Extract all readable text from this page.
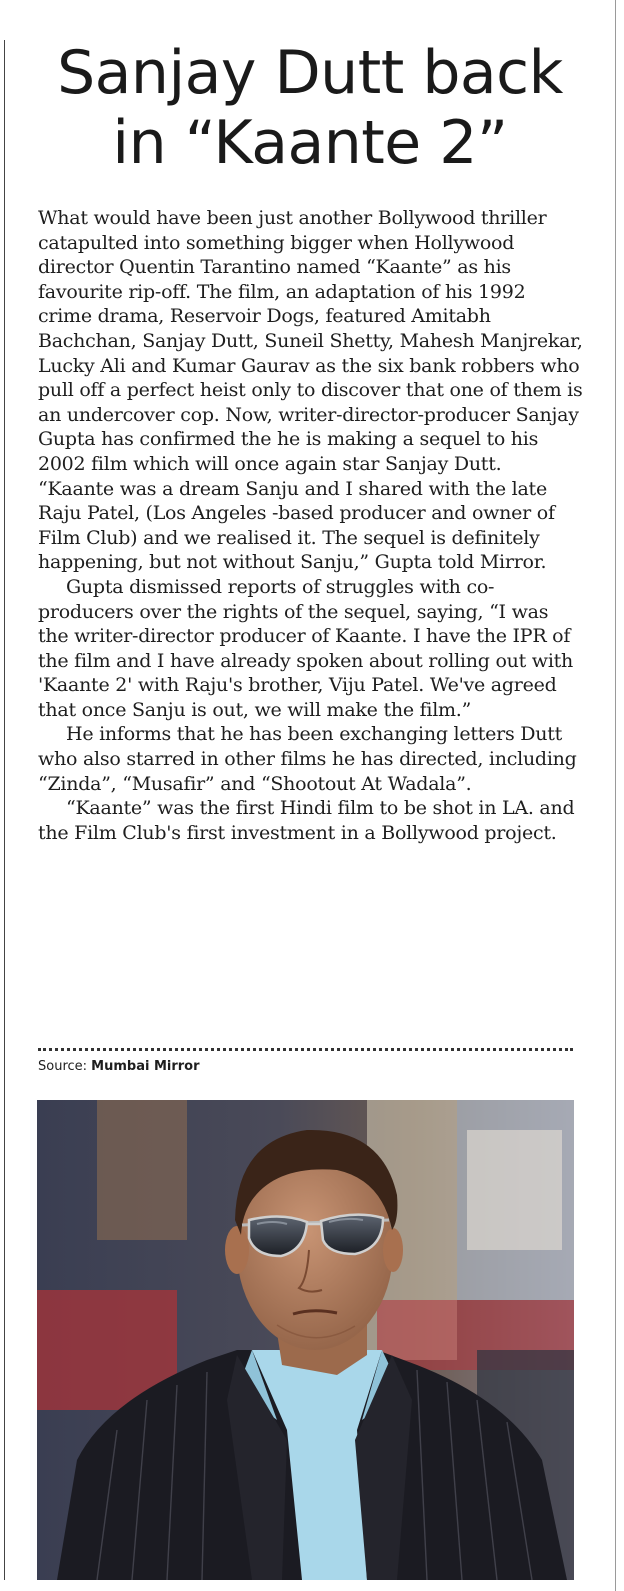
Sanjay Dutt back
in “Kaante 2”

What would have been just another Bollywood thriller catapulted into something bigger when Hollywood director Quentin Tarantino named “Kaante” as his favourite rip-off. The film, an adaptation of his 1992 crime drama, Reservoir Dogs, featured Amitabh Bachchan, Sanjay Dutt, Suneil Shetty, Mahesh Manjrekar, Lucky Ali and Kumar Gaurav as the six bank robbers who pull off a perfect heist only to discover that one of them is an undercover cop. Now, writer-director-producer Sanjay Gupta has confirmed the he is making a sequel to his 2002 film which will once again star Sanjay Dutt. “Kaante was a dream Sanju and I shared with the late Raju Patel, (Los Angeles -based producer and owner of Film Club) and we realised it. The sequel is definitely happening, but not without Sanju,” Gupta told Mirror.

Gupta dismissed reports of struggles with co-producers over the rights of the sequel, saying, “I was the writer-director producer of Kaante. I have the IPR of the film and I have already spoken about rolling out with 'Kaante 2' with Raju's brother, Viju Patel. We've agreed that once Sanju is out, we will make the film.”

He informs that he has been exchanging letters Dutt who also starred in other films he has directed, including “Zinda”, “Musafir” and “Shootout At Wadala”.

“Kaante” was the first Hindi film to be shot in LA. and the Film Club's first investment in a Bollywood project.

Source: Mumbai Mirror
